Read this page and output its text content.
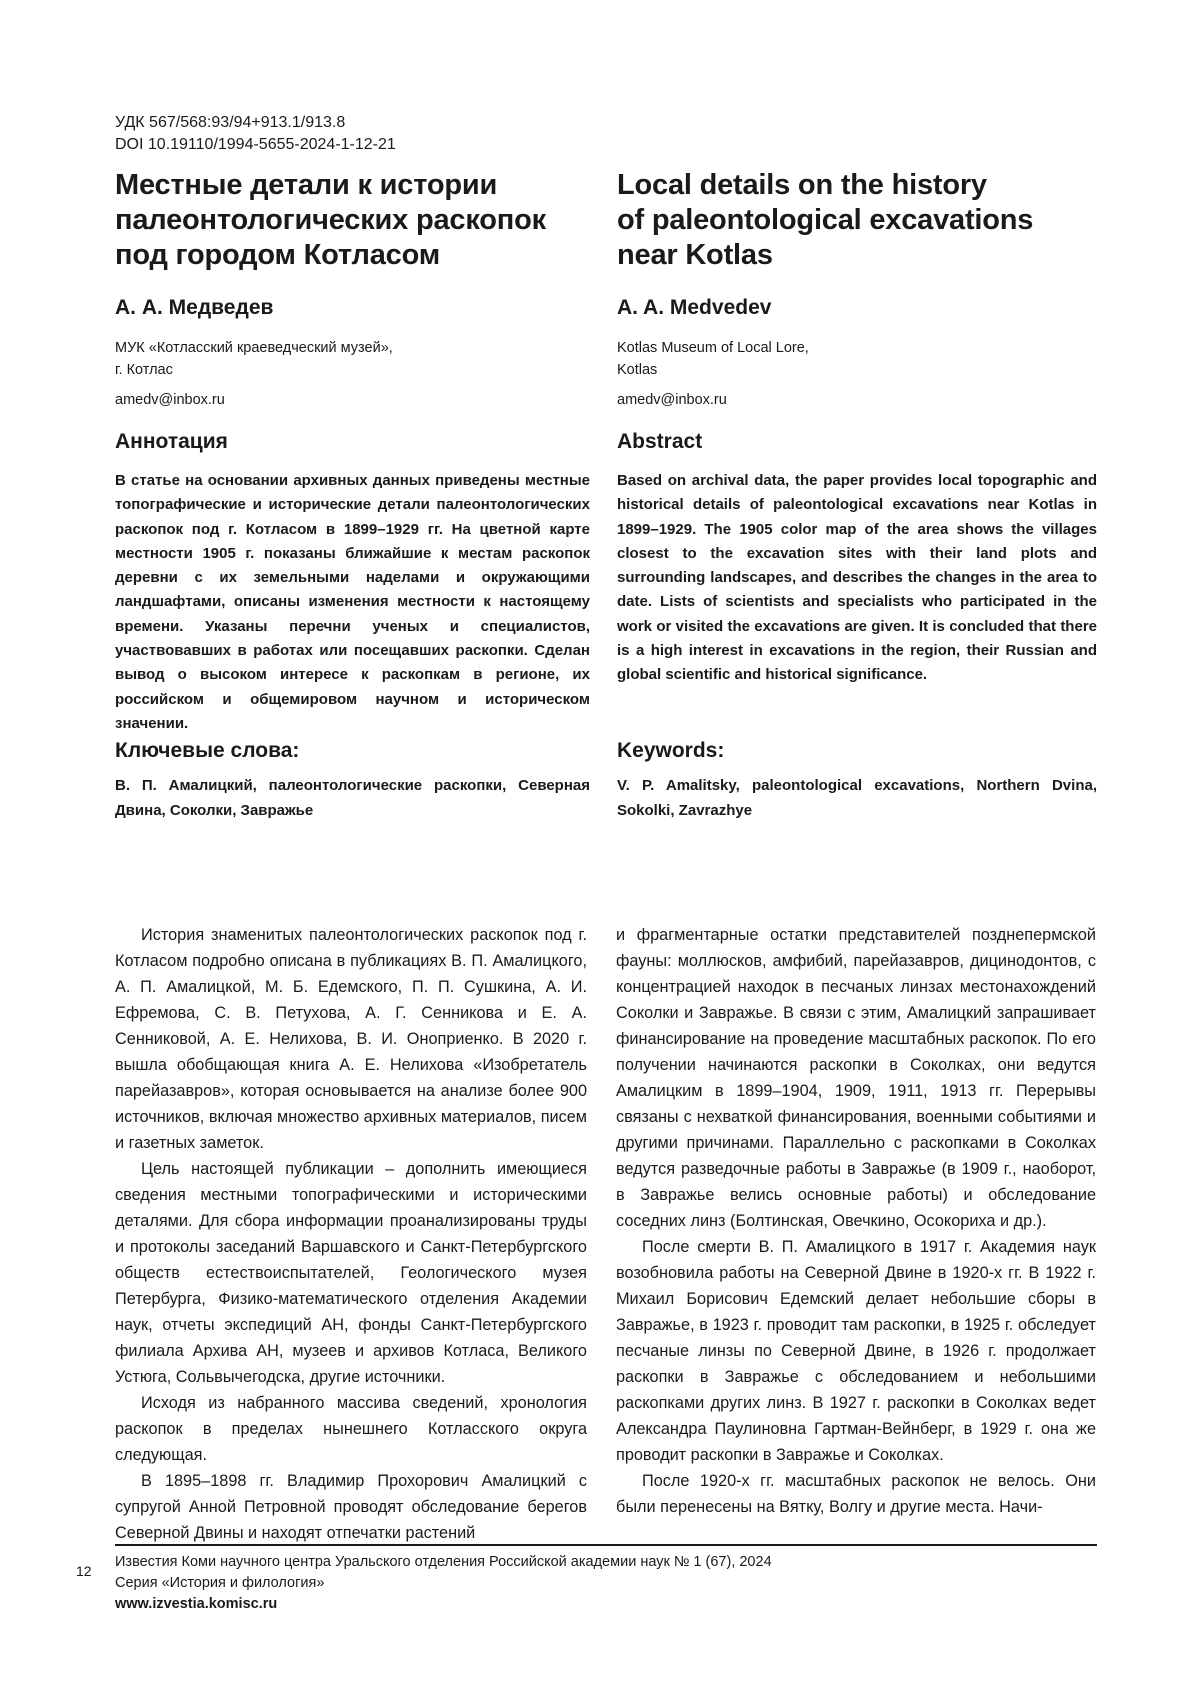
УДК 567/568:93/94+913.1/913.8
DOI 10.19110/1994-5655-2024-1-12-21
Местные детали к истории
палеонтологических раскопок
под городом Котласом
А. А. Медведев
МУК «Котласский краеведческий музей»,
г. Котлас
amedv@inbox.ru
Аннотация
В статье на основании архивных данных приведены местные топографические и исторические детали палеонтологических раскопок под г. Котласом в 1899–1929 гг. На цветной карте местности 1905 г. показаны ближайшие к местам раскопок деревни с их земельными наделами и окружающими ландшафтами, описаны изменения местности к настоящему времени. Указаны перечни ученых и специалистов, участвовавших в работах или посещавших раскопки. Сделан вывод о высоком интересе к раскопкам в регионе, их российском и общемировом научном и историческом значении.
Local details on the history
of paleontological excavations
near Kotlas
A. A. Medvedev
Kotlas Museum of Local Lore,
Kotlas
amedv@inbox.ru
Abstract
Based on archival data, the paper provides local topographic and historical details of paleontological excavations near Kotlas in 1899–1929. The 1905 color map of the area shows the villages closest to the excavation sites with their land plots and surrounding landscapes, and describes the changes in the area to date. Lists of scientists and specialists who participated in the work or visited the excavations are given. It is concluded that there is a high interest in excavations in the region, their Russian and global scientific and historical significance.
Ключевые слова:
В. П. Амалицкий, палеонтологические раскопки, Северная Двина, Соколки, Завражье
Keywords:
V. P. Amalitsky, paleontological excavations, Northern Dvina, Sokolki, Zavrazhye

История знаменитых палеонтологических раскопок под г. Котласом подробно описана в публикациях В. П. Амалицкого, А. П. Амалицкой, М. Б. Едемского, П. П. Сушкина, А. И. Ефремова, С. В. Петухова, А. Г. Сенникова и Е. А. Сенниковой, А. Е. Нелихова, В. И. Оноприенко. В 2020 г. вышла обобщающая книга А. Е. Нелихова «Изобретатель парейазавров», которая основывается на анализе более 900 источников, включая множество архивных материалов, писем и газетных заметок.

Цель настоящей публикации – дополнить имеющиеся сведения местными топографическими и историческими деталями. Для сбора информации проанализированы труды и протоколы заседаний Варшавского и Санкт-Петербургского обществ естествоиспытателей, Геологического музея Петербурга, Физико-математического отделения Академии наук, отчеты экспедиций АН, фонды Санкт-Петербургского филиала Архива АН, музеев и архивов Котласа, Великого Устюга, Сольвычегодска, другие источники.

Исходя из набранного массива сведений, хронология раскопок в пределах нынешнего Котласского округа следующая.

В 1895–1898 гг. Владимир Прохорович Амалицкий с супругой Анной Петровной проводят обследование берегов Северной Двины и находят отпечатки растений

и фрагментарные остатки представителей позднепермской фауны: моллюсков, амфибий, парейазавров, дицинодонтов, с концентрацией находок в песчаных линзах местонахождений Соколки и Завражье. В связи с этим, Амалицкий запрашивает финансирование на проведение масштабных раскопок. По его получении начинаются раскопки в Соколках, они ведутся Амалицким в 1899–1904, 1909, 1911, 1913 гг. Перерывы связаны с нехваткой финансирования, военными событиями и другими причинами. Параллельно с раскопками в Соколках ведутся разведочные работы в Завражье (в 1909 г., наоборот, в Завражье велись основные работы) и обследование соседних линз (Болтинская, Овечкино, Осокориха и др.).

После смерти В. П. Амалицкого в 1917 г. Академия наук возобновила работы на Северной Двине в 1920-х гг. В 1922 г. Михаил Борисович Едемский делает небольшие сборы в Завражье, в 1923 г. проводит там раскопки, в 1925 г. обследует песчаные линзы по Северной Двине, в 1926 г. продолжает раскопки в Завражье с обследованием и небольшими раскопками других линз. В 1927 г. раскопки в Соколках ведет Александра Паулиновна Гартман-Вейнберг, в 1929 г. она же проводит раскопки в Завражье и Соколках.

После 1920-х гг. масштабных раскопок не велось. Они были перенесены на Вятку, Волгу и другие места. Начи-

12
Известия Коми научного центра Уральского отделения Российской академии наук № 1 (67), 2024
Серия «История и филология»
www.izvestia.komisc.ru
